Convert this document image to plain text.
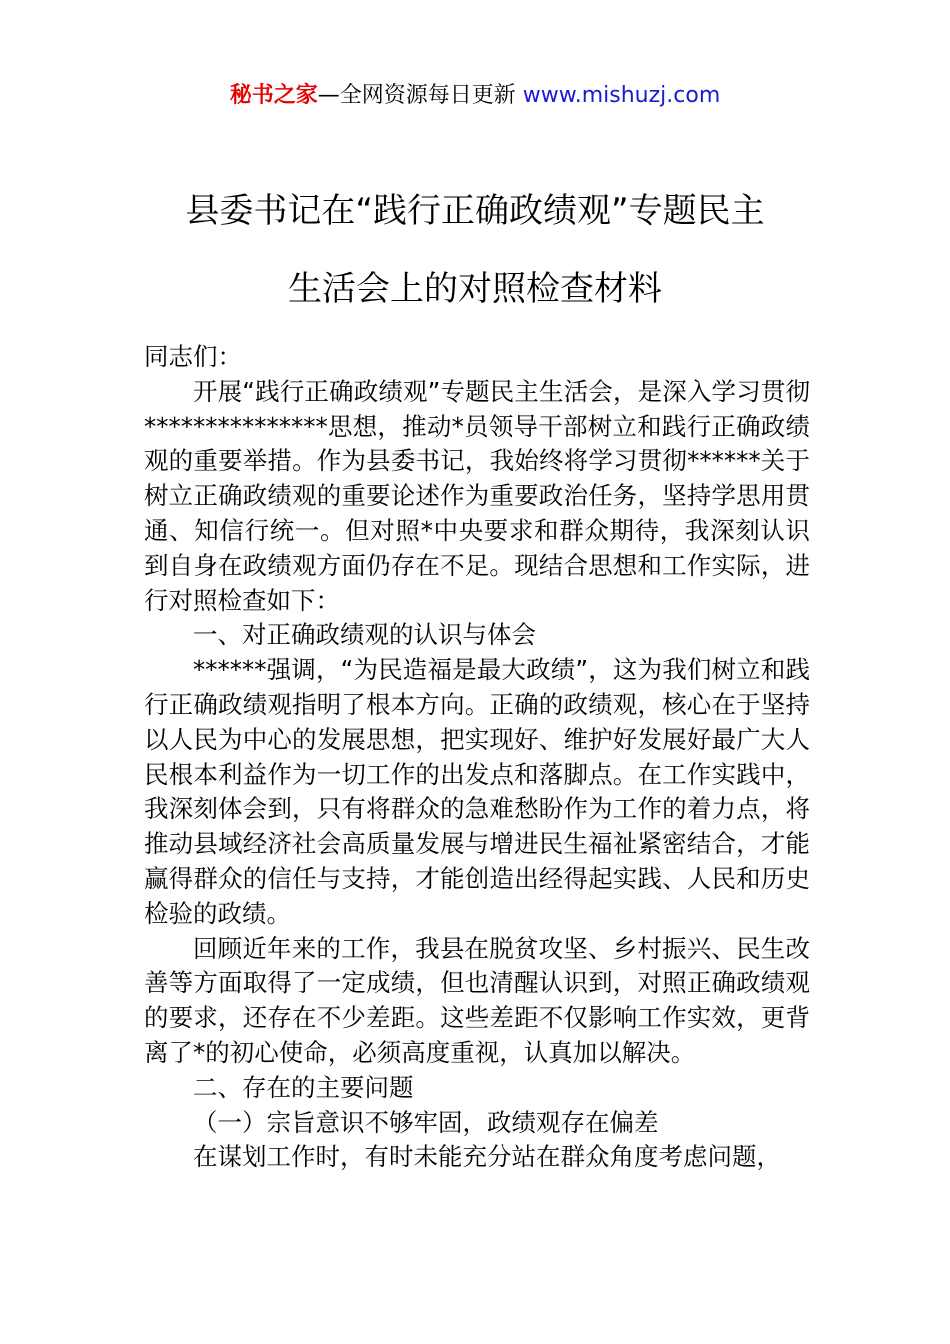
秘书之家—全网资源每日更新 www.mishuzj.com
县委书记在“践行正确政绩观”专题民主
生活会上的对照检查材料

同志们：

开展“践行正确政绩观”专题民主生活会，是深入学习贯彻***************思想，推动*员领导干部树立和践行正确政绩观的重要举措。作为县委书记，我始终将学习贯彻******关于树立正确政绩观的重要论述作为重要政治任务，坚持学思用贯通、知信行统一。但对照*中央要求和群众期待，我深刻认识到自身在政绩观方面仍存在不足。现结合思想和工作实际，进行对照检查如下：

一、对正确政绩观的认识与体会

******强调，“为民造福是最大政绩”，这为我们树立和践行正确政绩观指明了根本方向。正确的政绩观，核心在于坚持以人民为中心的发展思想，把实现好、维护好发展好最广大人民根本利益作为一切工作的出发点和落脚点。在工作实践中，我深刻体会到，只有将群众的急难愁盼作为工作的着力点，将推动县域经济社会高质量发展与增进民生福祉紧密结合，才能赢得群众的信任与支持，才能创造出经得起实践、人民和历史检验的政绩。

回顾近年来的工作，我县在脱贫攻坚、乡村振兴、民生改善等方面取得了一定成绩，但也清醒认识到，对照正确政绩观的要求，还存在不少差距。这些差距不仅影响工作实效，更背离了*的初心使命，必须高度重视，认真加以解决。

二、存在的主要问题

（一）宗旨意识不够牢固，政绩观存在偏差

在谋划工作时，有时未能充分站在群众角度考虑问题，
